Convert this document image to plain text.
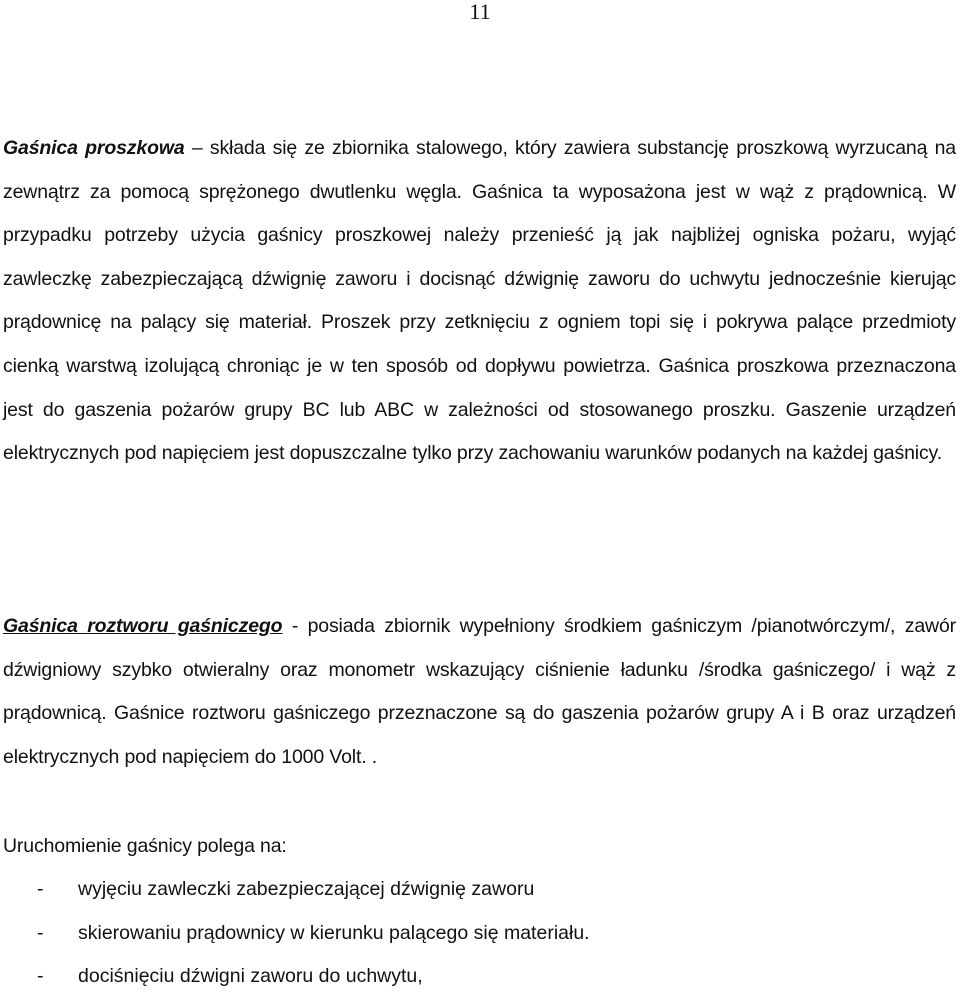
11

Gaśnica proszkowa – składa się ze zbiornika stalowego, który zawiera substancję proszkową wyrzucaną na zewnątrz za pomocą sprężonego dwutlenku węgla. Gaśnica ta wyposażona jest w wąż z prądownicą. W przypadku potrzeby użycia gaśnicy proszkowej należy przenieść ją jak najbliżej ogniska pożaru, wyjąć zawleczkę zabezpieczającą dźwignię zaworu i docisnąć dźwignię zaworu do uchwytu jednocześnie kierując prądownicę na palący się materiał. Proszek przy zetknięciu z ogniem topi się i pokrywa palące przedmioty cienką warstwą izolującą chroniąc je w ten sposób od dopływu powietrza. Gaśnica proszkowa przeznaczona jest do gaszenia pożarów grupy BC lub ABC w zależności od stosowanego proszku. Gaszenie urządzeń elektrycznych pod napięciem jest dopuszczalne tylko przy zachowaniu warunków podanych na każdej gaśnicy.

Gaśnica roztworu gaśniczego - posiada zbiornik wypełniony środkiem gaśniczym /pianotwórczym/, zawór dźwigniowy szybko otwieralny oraz monometr wskazujący ciśnienie ładunku /środka gaśniczego/ i wąż z prądownicą. Gaśnice roztworu gaśniczego przeznaczone są do gaszenia pożarów grupy A i B oraz urządzeń elektrycznych pod napięciem do 1000 Volt. .

Uruchomienie gaśnicy polega na:

- wyjęciu zawleczki zabezpieczającej dźwignię zaworu
- skierowaniu prądownicy w kierunku palącego się materiału.
- dociśnięciu dźwigni zaworu do uchwytu,
